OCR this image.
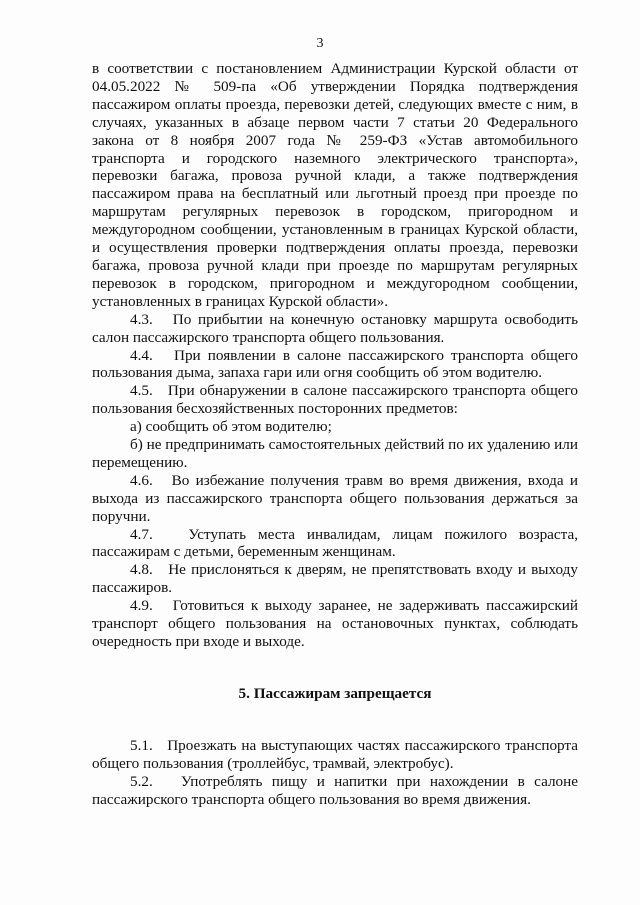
3

в соответствии с постановлением Администрации Курской области от 04.05.2022 № 509-па «Об утверждении Порядка подтверждения пассажиром оплаты проезда, перевозки детей, следующих вместе с ним, в случаях, указанных в абзаце первом части 7 статьи 20 Федерального закона от 8 ноября 2007 года № 259-ФЗ «Устав автомобильного транспорта и городского наземного электрического транспорта», перевозки багажа, провоза ручной клади, а также подтверждения пассажиром права на бесплатный или льготный проезд при проезде по маршрутам регулярных перевозок в городском, пригородном и междугородном сообщении, установленным в границах Курской области, и осуществления проверки подтверждения оплаты проезда, перевозки багажа, провоза ручной клади при проезде по маршрутам регулярных перевозок в городском, пригородном и междугородном сообщении, установленных в границах Курской области».

4.3. По прибытии на конечную остановку маршрута освободить салон пассажирского транспорта общего пользования.

4.4. При появлении в салоне пассажирского транспорта общего пользования дыма, запаха гари или огня сообщить об этом водителю.

4.5. При обнаружении в салоне пассажирского транспорта общего пользования бесхозяйственных посторонних предметов:

а) сообщить об этом водителю;

б) не предпринимать самостоятельных действий по их удалению или перемещению.

4.6. Во избежание получения травм во время движения, входа и выхода из пассажирского транспорта общего пользования держаться за поручни.

4.7. Уступать места инвалидам, лицам пожилого возраста, пассажирам с детьми, беременным женщинам.

4.8. Не прислоняться к дверям, не препятствовать входу и выходу пассажиров.

4.9. Готовиться к выходу заранее, не задерживать пассажирский транспорт общего пользования на остановочных пунктах, соблюдать очередность при входе и выходе.

5. Пассажирам запрещается

5.1. Проезжать на выступающих частях пассажирского транспорта общего пользования (троллейбус, трамвай, электробус).

5.2. Употреблять пищу и напитки при нахождении в салоне пассажирского транспорта общего пользования во время движения.
